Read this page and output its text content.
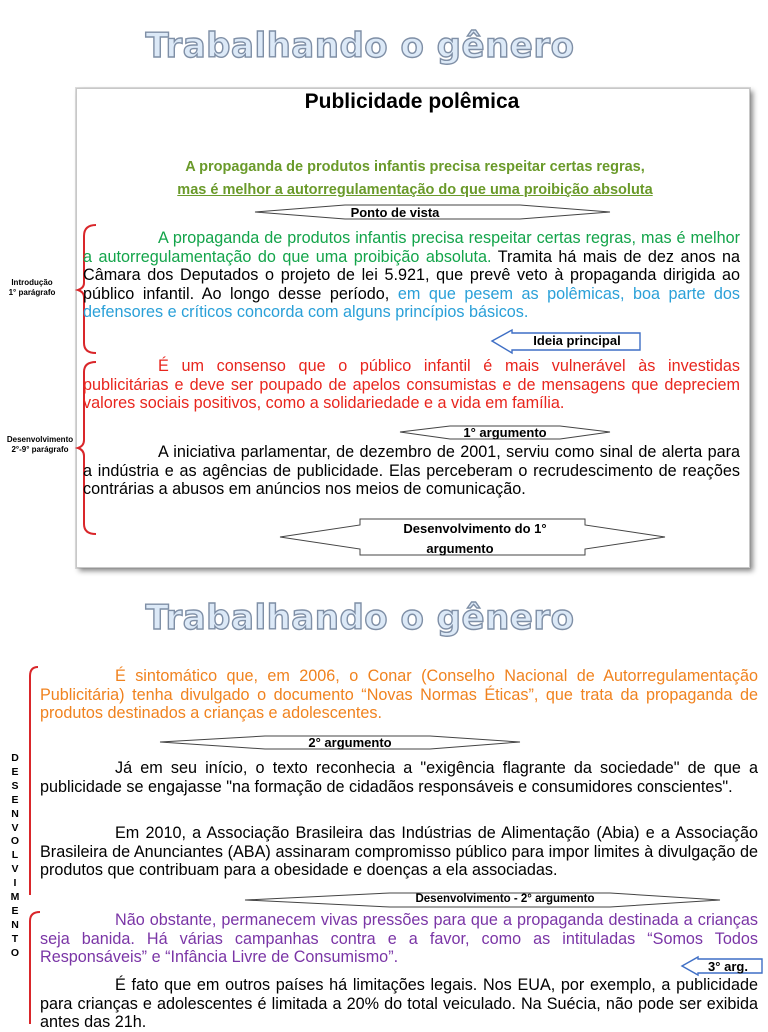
Trabalhando o gênero
Publicidade polêmica
A propaganda de produtos infantis precisa respeitar certas regras,
mas é melhor a autorregulamentação do que uma proibição absoluta
Ponto de vista
Introdução
1° parágrafo
A propaganda de produtos infantis precisa respeitar certas regras, mas é melhor a autorregulamentação do que uma proibição absoluta. Tramita há mais de dez anos na Câmara dos Deputados o projeto de lei 5.921, que prevê veto à propaganda dirigida ao público infantil. Ao longo desse período, em que pesem as polêmicas, boa parte dos defensores e críticos concorda com alguns princípios básicos.
Ideia principal
É um consenso que o público infantil é mais vulnerável às investidas publicitárias e deve ser poupado de apelos consumistas e de mensagens que depreciem valores sociais positivos, como a solidariedade e a vida em família.
1° argumento
Desenvolvimento
2°-9° parágrafo	A iniciativa parlamentar, de dezembro de 2001, serviu como sinal de alerta para a indústria e as agências de publicidade. Elas perceberam o recrudescimento de reações contrárias a abusos em anúncios nos meios de comunicação.
Desenvolvimento do 1°
argumento
Trabalhando o gênero
É sintomático que, em 2006, o Conar (Conselho Nacional de Autorregulamentação Publicitária) tenha divulgado o documento “Novas Normas Éticas”, que trata da propaganda de produtos destinados a crianças e adolescentes.
2° argumento
D
E
S
E
N
V
O
L
V
I
M
E
N
T
O
Já em seu início, o texto reconhecia a "exigência flagrante da sociedade" de que a publicidade se engajasse "na formação de cidadãos responsáveis e consumidores conscientes".
Em 2010, a Associação Brasileira das Indústrias de Alimentação (Abia) e a Associação Brasileira de Anunciantes (ABA) assinaram compromisso público para impor limites à divulgação de produtos que contribuam para a obesidade e doenças a ela associadas.
Desenvolvimento - 2° argumento
Não obstante, permanecem vivas pressões para que a propaganda destinada a crianças seja banida. Há várias campanhas contra e a favor, como as intituladas “Somos Todos Responsáveis” e “Infância Livre de Consumismo”.
3° arg.
É fato que em outros países há limitações legais. Nos EUA, por exemplo, a publicidade para crianças e adolescentes é limitada a 20% do total veiculado. Na Suécia, não pode ser exibida antes das 21h.
